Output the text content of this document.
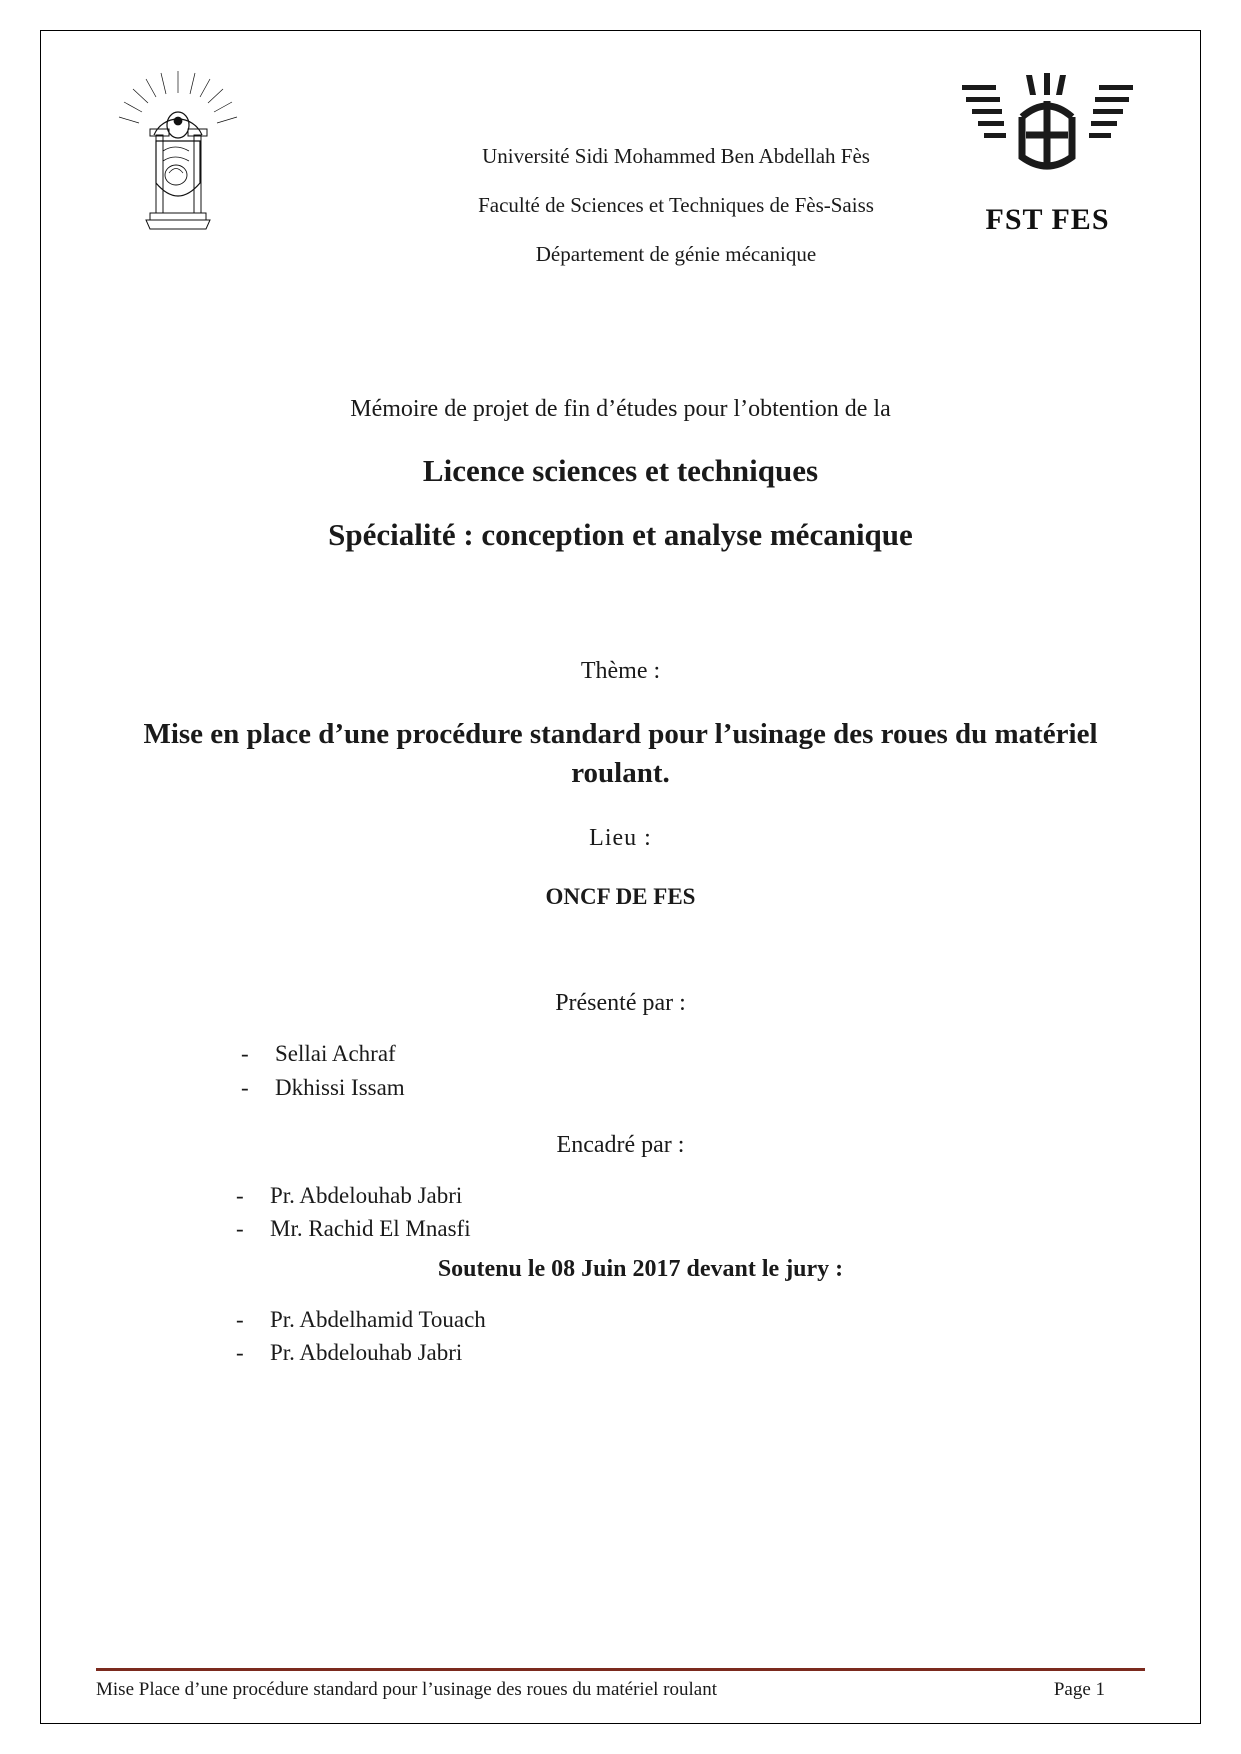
Université Sidi Mohammed Ben Abdellah Fès
Faculté de Sciences et Techniques de Fès-Saiss
Département de génie mécanique
FST FES
Mémoire de projet de fin d’études pour l’obtention de la
Licence sciences et techniques
Spécialité : conception et analyse mécanique
Thème :
Mise en place d’une procédure standard pour l’usinage des roues du matériel roulant.
Lieu :
ONCF DE FES
Présenté par :
- Sellai Achraf
- Dkhissi Issam
Encadré par :
- Pr. Abdelouhab Jabri
- Mr. Rachid El Mnasfi
Soutenu le 08 Juin 2017 devant le jury :
- Pr. Abdelhamid Touach
- Pr. Abdelouhab Jabri
Mise Place d’une procédure standard pour l’usinage des roues du matériel roulant	Page 1
